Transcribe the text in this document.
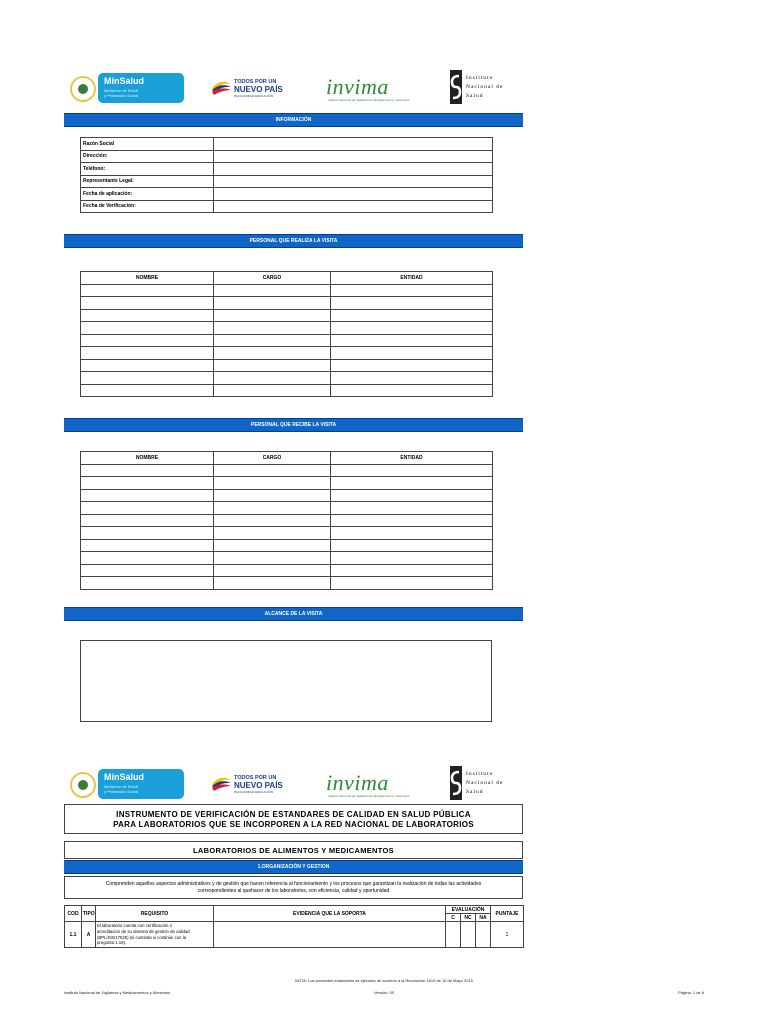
MinSalud
Ministerio de Salud
y Protección Social
TODOS POR UN
NUEVO PAÍS
PAZ EQUIDAD EDUCACIÓN invima
Instituto Nacional de Vigilancia de Medicamentos y Alimentos
Instituto
Nacional de
Salud
INFORMACIÓN
Razón Social	
Dirección:	
Teléfono:	
Representante Legal:	
Fecha de aplicación:	
Fecha de Verificación:	
PERSONAL QUE REALIZA LA VISITA
NOMBRE	CARGO	ENTIDAD

PERSONAL QUE RECIBE LA VISITA
NOMBRE	CARGO	ENTIDAD

ALCANCE DE LA VISITA
MinSalud
Ministerio de Salud
y Protección Social
TODOS POR UN
NUEVO PAÍS
PAZ EQUIDAD EDUCACIÓN invima
Instituto Nacional de Vigilancia de Medicamentos y Alimentos
Instituto
Nacional de
Salud
INSTRUMENTO DE VERIFICACIÓN DE ESTANDARES DE CALIDAD EN SALUD PÚBLICA
PARA LABORATORIOS QUE SE INCORPOREN A LA RED NACIONAL DE LABORATORIOS
LABORATORIOS DE ALIMENTOS Y MEDICAMENTOS
1.ORGANIZACIÓN Y GESTION
Comprenden aquellos aspectos administrativos y de gestión que hacen referencia al funcionamiento y los procesos que garantizan la realización de todas las actividades
correspondientes al quehacer de los laboratorios, con eficiencia, calidad y oportunidad
COD	TIPO	REQUISITO	EVIDENCIA QUE LA SOPORTA	EVALUACIÓN			PUNTAJE
				C	NC	NA	
1.1	A	El laboratorio cuenta con certificación o
acreditación de su sistema de gestión de calidad
(BPL/ISO17025) (si contesta si continúe con la
pregunta 1.16).					1
NOTA: Los presentes estandares se ejecutan de acuerdo a la Resolución 1619 de 15 de Mayo 2015
Instituto Nacional de Vigilancia y Medicamentos y Alimentos	Versión: 00	Página: 1 de 6
